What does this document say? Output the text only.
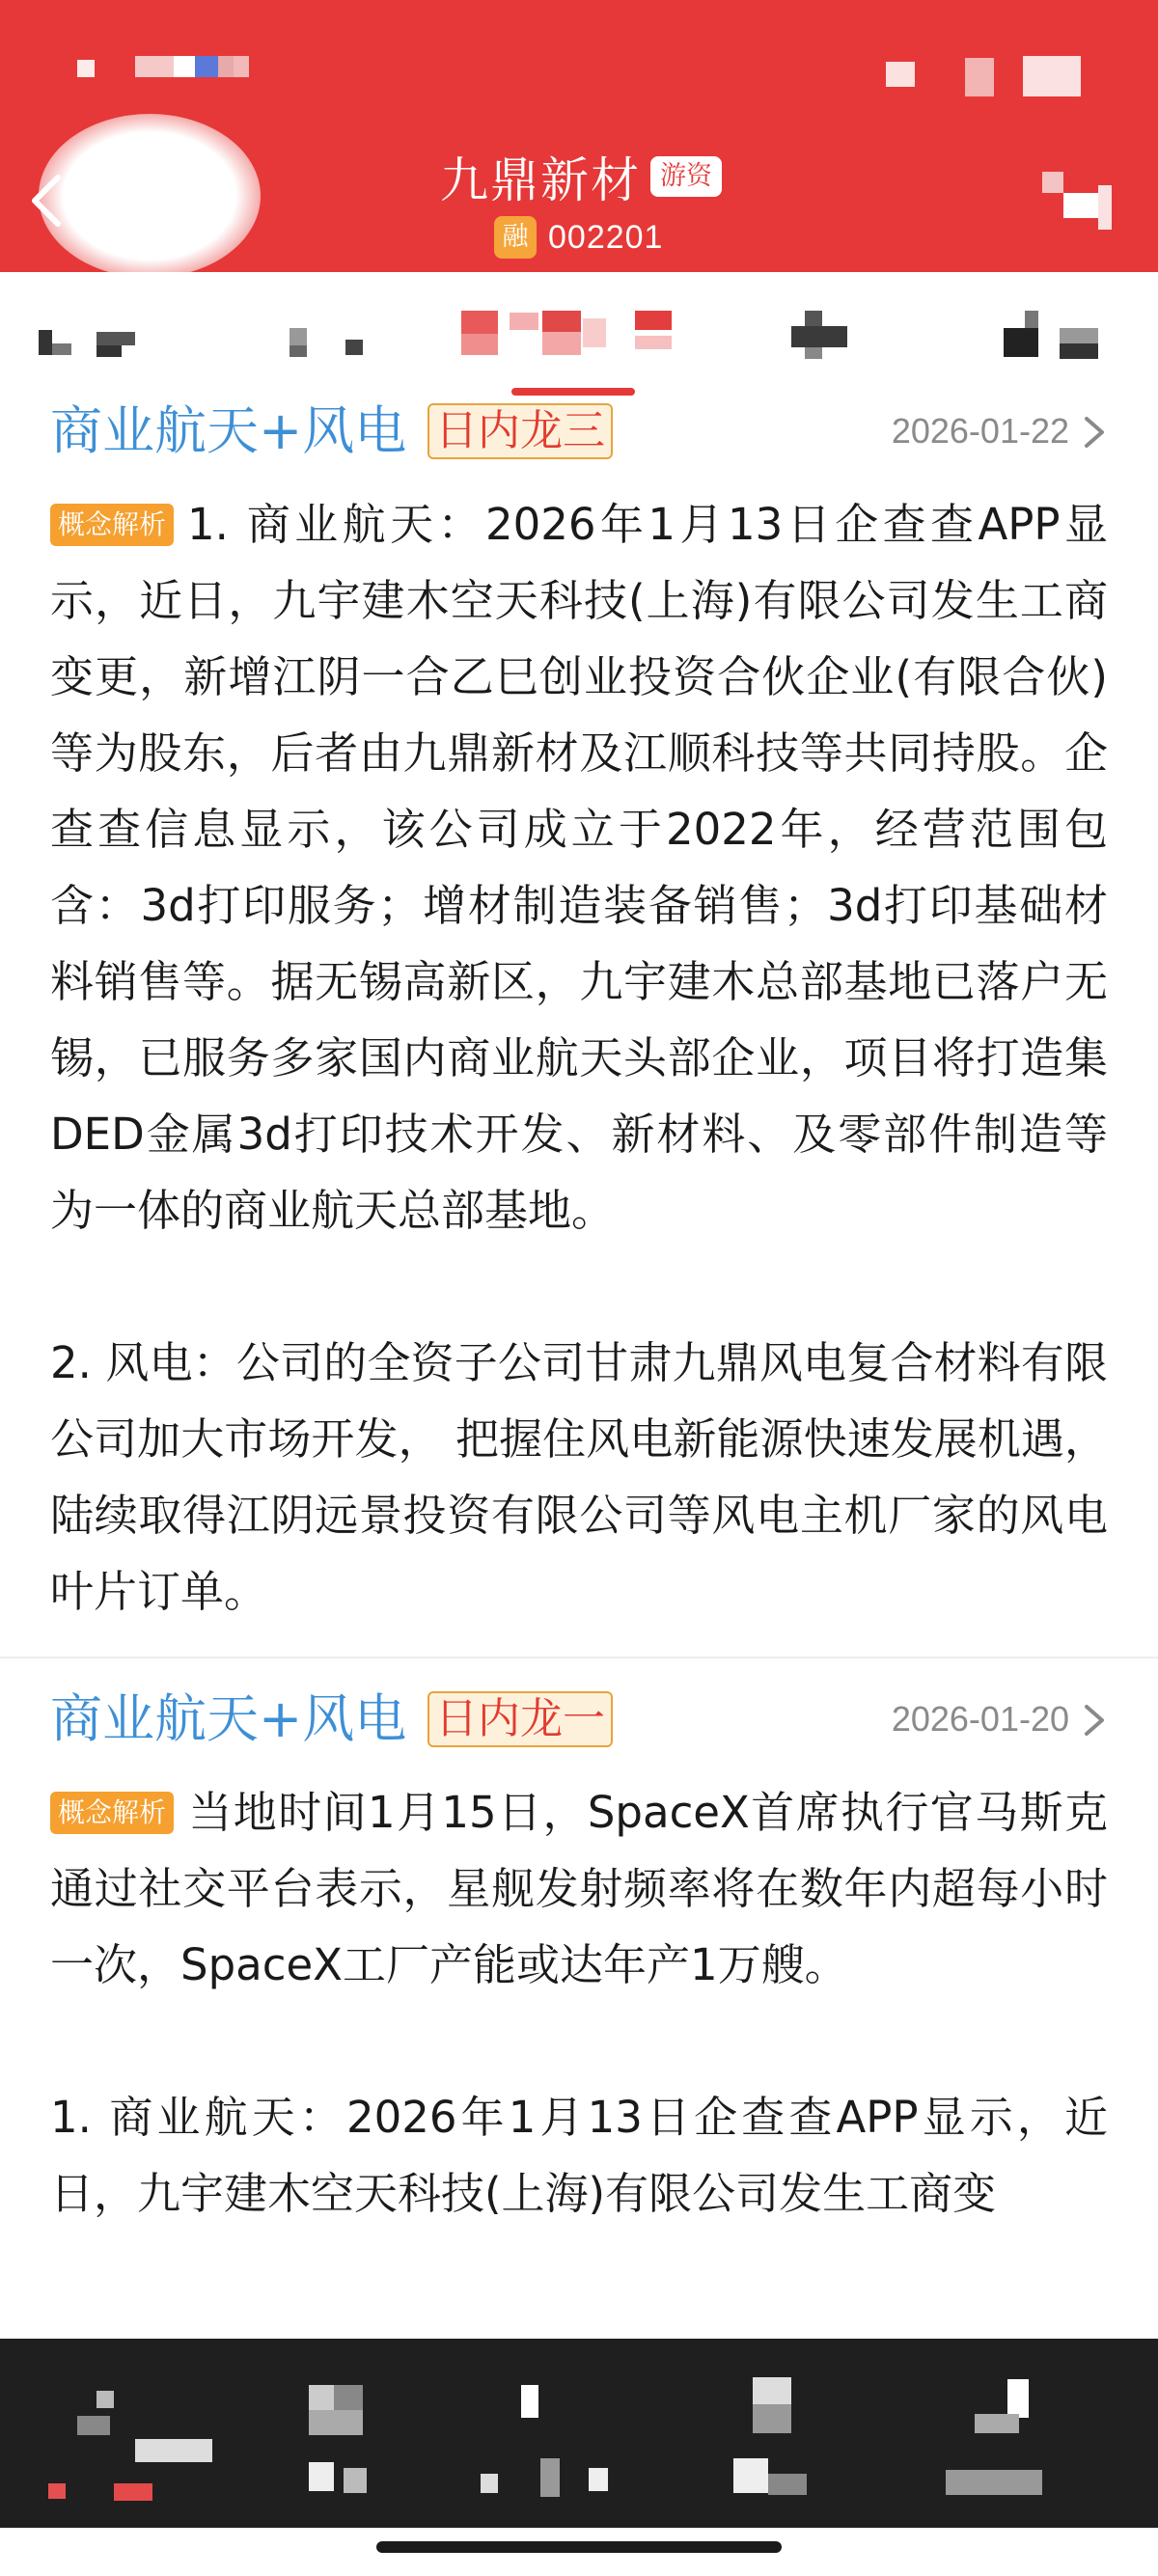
九鼎新材 游资
融 002201
商业航天+风电 日内龙三	2026-01-22

概念解析 1. 商业航天：2026年1月13日企查查APP显示，近日，九宇建木空天科技(上海)有限公司发生工商变更，新增江阴一合乙巳创业投资合伙企业(有限合伙)等为股东，后者由九鼎新材及江顺科技等共同持股。企查查信息显示，该公司成立于2022年，经营范围包含：3d打印服务；增材制造装备销售；3d打印基础材料销售等。据无锡高新区，九宇建木总部基地已落户无锡，已服务多家国内商业航天头部企业，项目将打造集DED金属3d打印技术开发、新材料、及零部件制造等为一体的商业航天总部基地。

2. 风电：公司的全资子公司甘肃九鼎风电复合材料有限公司加大市场开发， 把握住风电新能源快速发展机遇， 陆续取得江阴远景投资有限公司等风电主机厂家的风电叶片订单。

商业航天+风电 日内龙一	2026-01-20

概念解析 当地时间1月15日，SpaceX首席执行官马斯克通过社交平台表示，星舰发射频率将在数年内超每小时一次，SpaceX工厂产能或达年产1万艘。

1. 商业航天：2026年1月13日企查查APP显示，近日，九宇建木空天科技(上海)有限公司发生工商变
